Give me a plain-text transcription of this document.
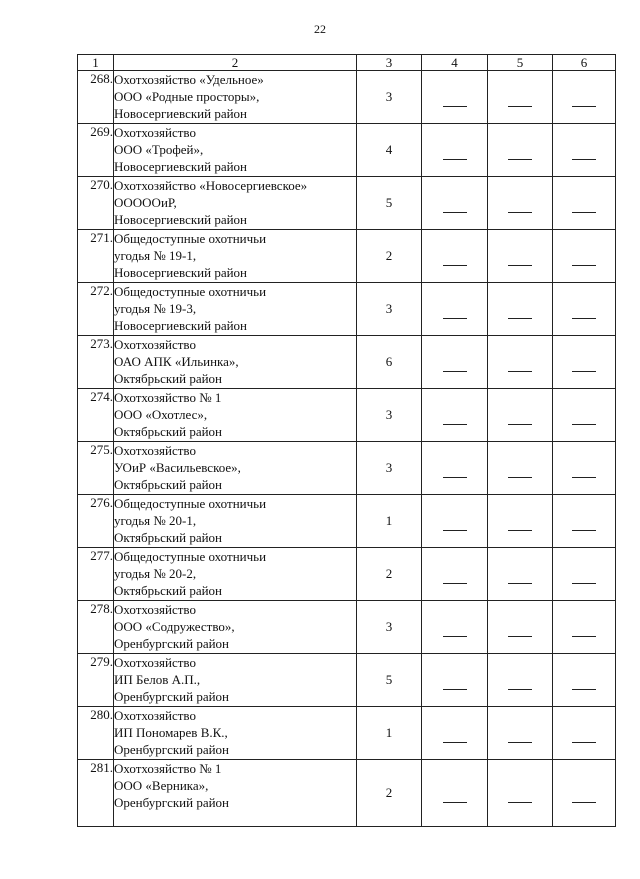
22
1	2	3	4	5	6
268.	Охотхозяйство «Удельное»
ООО «Родные просторы»,
Новосергиевский район	3			
269.	Охотхозяйство
ООО «Трофей»,
Новосергиевский район	4			
270.	Охотхозяйство «Новосергиевское»
ОООООиР,
Новосергиевский район	5			
271.	Общедоступные охотничьи
угодья № 19-1,
Новосергиевский район	2			
272.	Общедоступные охотничьи
угодья № 19-3,
Новосергиевский район	3			
273.	Охотхозяйство
ОАО АПК «Ильинка»,
Октябрьский район	6			
274.	Охотхозяйство № 1
ООО «Охотлес»,
Октябрьский район	3			
275.	Охотхозяйство
УОиР «Васильевское»,
Октябрьский район	3			
276.	Общедоступные охотничьи
угодья № 20-1,
Октябрьский район	1			
277.	Общедоступные охотничьи
угодья № 20-2,
Октябрьский район	2			
278.	Охотхозяйство
ООО «Содружество»,
Оренбургский район	3			
279.	Охотхозяйство
ИП Белов А.П.,
Оренбургский район	5			
280.	Охотхозяйство
ИП Пономарев В.К.,
Оренбургский район	1			
281.	Охотхозяйство № 1
ООО «Верника»,
Оренбургский район	2			
